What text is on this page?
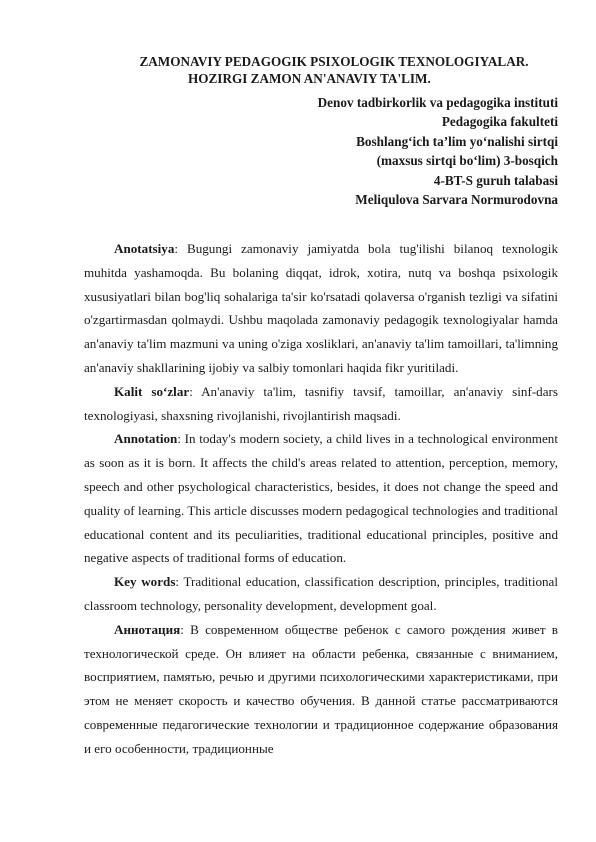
ZAMONAVIY PEDAGOGIK PSIXOLOGIK TEXNOLOGIYALAR.
HOZIRGI ZAMON AN'ANAVIY TA'LIM.
Denov tadbirkorlik va pedagogika instituti
Pedagogika fakulteti
Boshlang‘ich ta’lim yo‘nalishi sirtqi
(maxsus sirtqi bo‘lim) 3-bosqich
4-BT-S guruh talabasi
Meliqulova Sarvara Normurodovna

Anotatsiya: Bugungi zamonaviy jamiyatda bola tug'ilishi bilanoq texnologik muhitda yashamoqda. Bu bolaning diqqat, idrok, xotira, nutq va boshqa psixologik xususiyatlari bilan bog'liq sohalariga ta'sir ko'rsatadi qolaversa o'rganish tezligi va sifatini o'zgartirmasdan qolmaydi. Ushbu maqolada zamonaviy pedagogik texnologiyalar hamda an'anaviy ta'lim mazmuni va uning o'ziga xosliklari, an'anaviy ta'lim tamoillari, ta'limning an'anaviy shakllarining ijobiy va salbiy tomonlari haqida fikr yuritiladi.

Kalit so‘zlar: An'anaviy ta'lim, tasnifiy tavsif, tamoillar, an'anaviy sinf-dars texnologiyasi, shaxsning rivojlanishi, rivojlantirish maqsadi.

Annotation: In today's modern society, a child lives in a technological environment as soon as it is born. It affects the child's areas related to attention, perception, memory, speech and other psychological characteristics, besides, it does not change the speed and quality of learning. This article discusses modern pedagogical technologies and traditional educational content and its peculiarities, traditional educational principles, positive and negative aspects of traditional forms of education.

Key words: Traditional education, classification description, principles, traditional classroom technology, personality development, development goal.

Аннотация: В современном обществе ребенок с самого рождения живет в технологической среде. Он влияет на области ребенка, связанные с вниманием, восприятием, памятью, речью и другими психологическими характеристиками, при этом не меняет скорость и качество обучения. В данной статье рассматриваются современные педагогические технологии и традиционное содержание образования и его особенности, традиционные
